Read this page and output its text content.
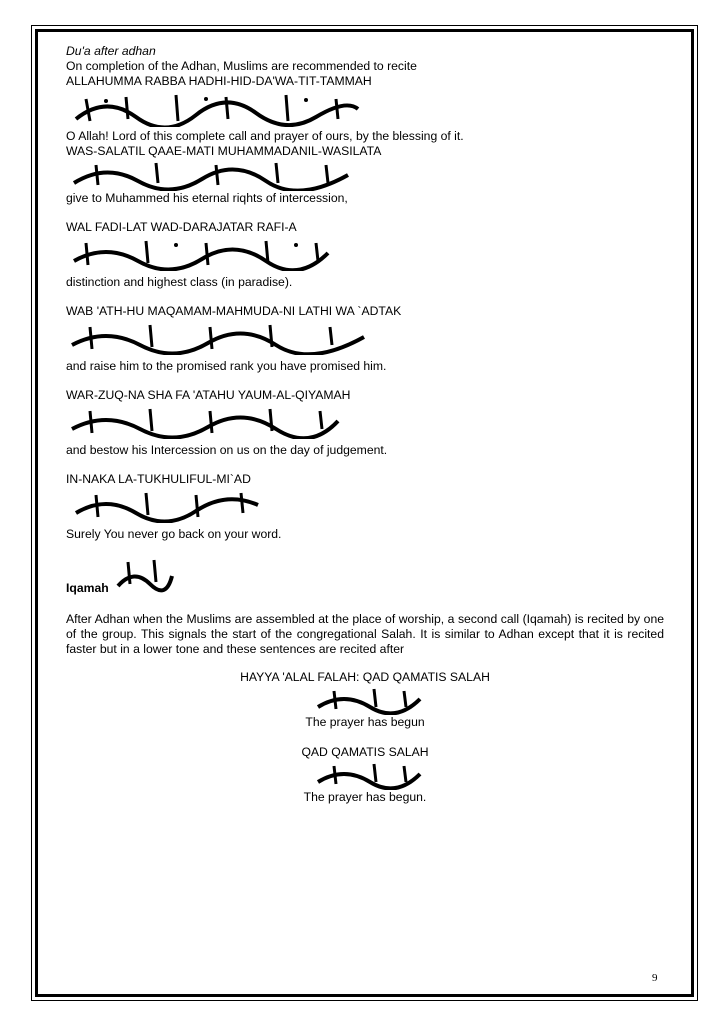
Du'a after adhan
On completion of the Adhan, Muslims are recommended to recite
ALLAHUMMA RABBA HADHI-HID-DA'WA-TIT-TAMMAH
O Allah! Lord of this complete call and prayer of ours, by the blessing of it.
WAS-SALATIL QAAE-MATI MUHAMMADANIL-WASILATA
give to Muhammed his eternal riqhts of intercession,
WAL FADI-LAT WAD-DARAJATAR RAFI-A
distinction and highest class (in paradise).
WAB 'ATH-HU MAQAMAM-MAHMUDA-NI LATHI WA `ADTAK
and raise him to the promised rank you have promised him.
WAR-ZUQ-NA SHA FA 'ATAHU YAUM-AL-QIYAMAH
and bestow his Intercession on us on the day of judgement.
IN-NAKA LA-TUKHULIFUL-MI`AD
Surely You never go back on your word.
Iqamah
After Adhan when the Muslims are assembled at the place of worship, a second call (Iqamah) is recited by one of the group. This signals the start of the congregational Salah. It is similar to Adhan except that it is recited faster but in a lower tone and these sentences are recited after
HAYYA 'ALAL FALAH: QAD QAMATIS SALAH
The prayer has begun
QAD QAMATIS SALAH
The prayer has begun.
9
